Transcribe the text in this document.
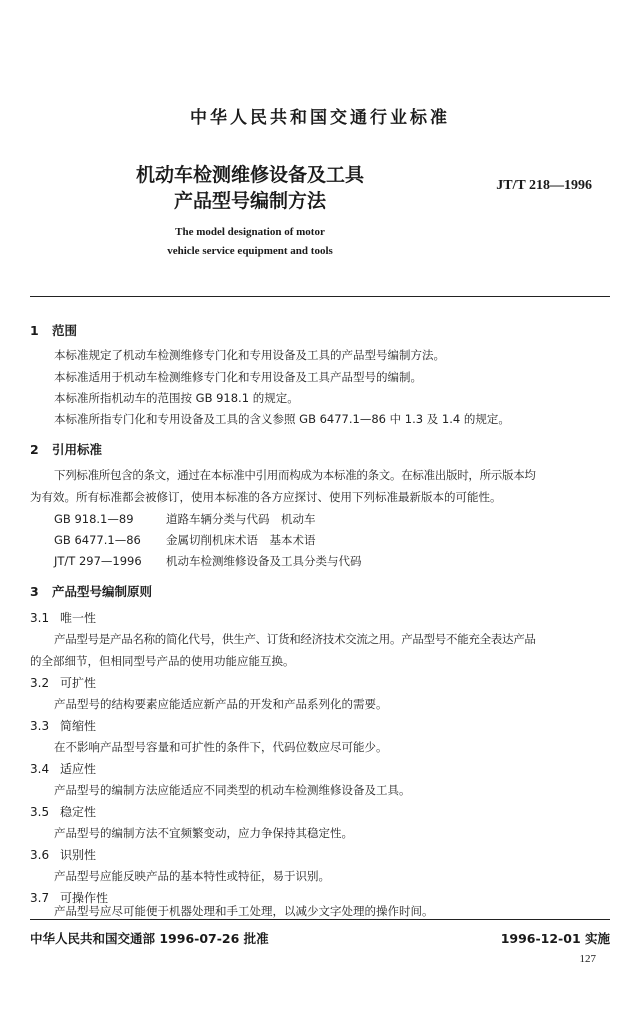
中华人民共和国交通行业标准
机动车检测维修设备及工具
产品型号编制方法
JT/T 218—1996
The model designation of motor
vehicle service equipment and tools
1 范围
本标准规定了机动车检测维修专门化和专用设备及工具的产品型号编制方法。
本标准适用于机动车检测维修专门化和专用设备及工具产品型号的编制。
本标准所指机动车的范围按 GB 918.1 的规定。
本标准所指专门化和专用设备及工具的含义参照 GB 6477.1—86 中 1.3 及 1.4 的规定。
2 引用标准
下列标准所包含的条文，通过在本标准中引用而构成为本标准的条文。在标准出版时，所示版本均
为有效。所有标准都会被修订，使用本标准的各方应探讨、使用下列标准最新版本的可能性。
GB 918.1—89	道路车辆分类与代码　机动车
GB 6477.1—86 金属切削机床术语　基本术语
JT/T 297—1996 机动车检测维修设备及工具分类与代码
3 产品型号编制原则
3.1 唯一性
产品型号是产品名称的简化代号，供生产、订货和经济技术交流之用。产品型号不能充全表达产品
的全部细节，但相同型号产品的使用功能应能互换。
3.2 可扩性
产品型号的结构要素应能适应新产品的开发和产品系列化的需要。
3.3 简缩性
在不影响产品型号容量和可扩性的条件下，代码位数应尽可能少。
3.4 适应性
产品型号的编制方法应能适应不同类型的机动车检测维修设备及工具。
3.5 稳定性
产品型号的编制方法不宜频繁变动，应力争保持其稳定性。
3.6 识别性
产品型号应能反映产品的基本特性或特征，易于识别。
3.7 可操作性
产品型号应尽可能便于机器处理和手工处理，以减少文字处理的操作时间。
中华人民共和国交通部 1996-07-26 批准	1996-12-01 实施
127
